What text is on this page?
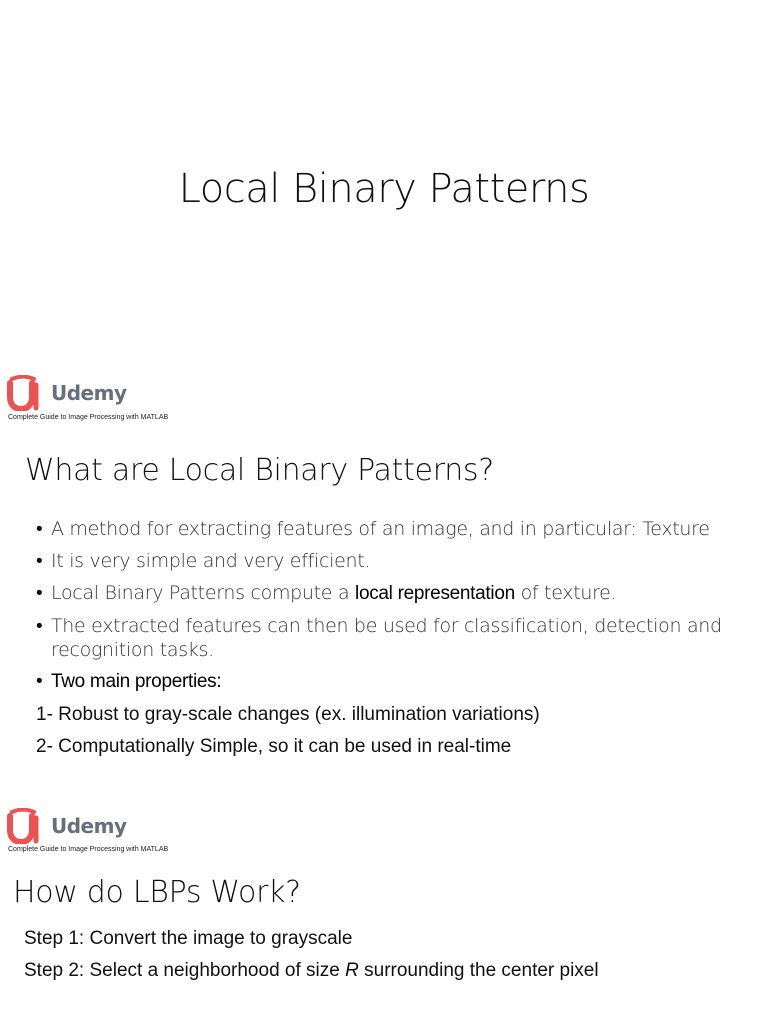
Local Binary Patterns
Udemy
Complete Guide to Image Processing with MATLAB
What are Local Binary Patterns?
• A method for extracting features of an image, and in particular: Texture
• It is very simple and very efficient.
• Local Binary Patterns compute a local representation of texture.
• The extracted features can then be used for classification, detection and recognition tasks.
• Two main properties:
1- Robust to gray-scale changes (ex. illumination variations)
2- Computationally Simple, so it can be used in real-time
Udemy
Complete Guide to Image Processing with MATLAB
How do LBPs Work?
Step 1: Convert the image to grayscale
Step 2: Select a neighborhood of size R surrounding the center pixel
